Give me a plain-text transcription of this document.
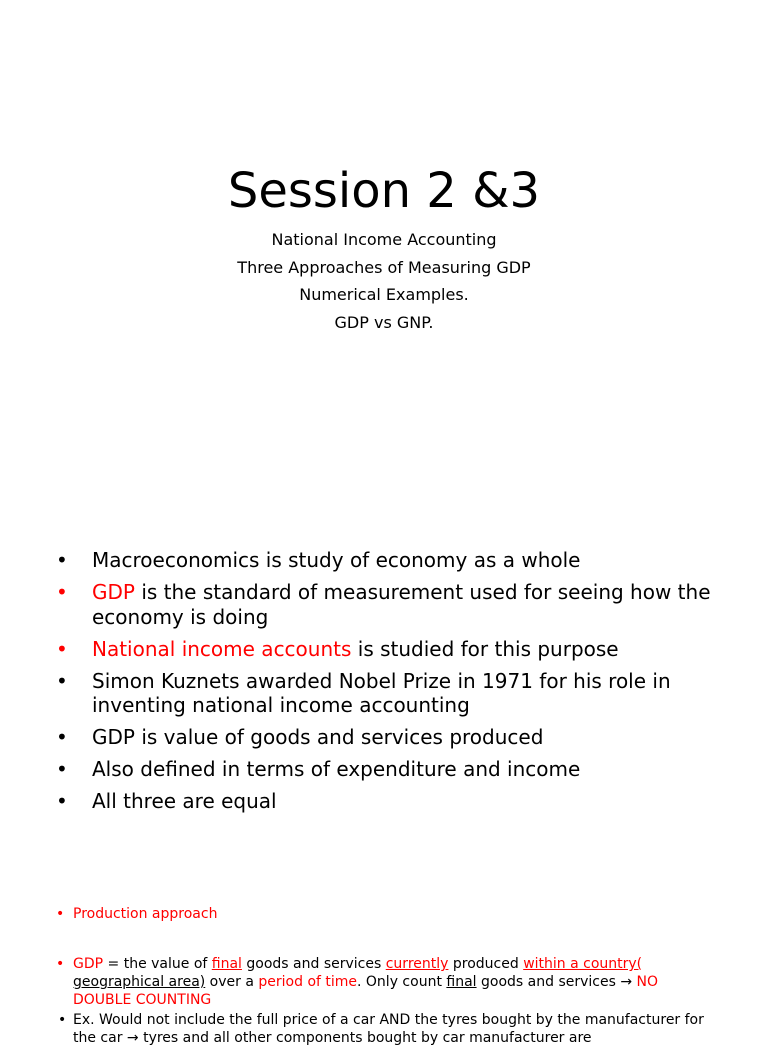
Session 2 &3
National Income Accounting
Three Approaches of Measuring GDP
Numerical Examples.
GDP vs GNP.
•	Macroeconomics is study of economy as a whole
•	GDP is the standard of measurement used for seeing how the economy is doing
•	National income accounts is studied for this purpose
•	Simon Kuznets awarded Nobel Prize in 1971 for his role in inventing national income accounting
•	GDP is value of goods and services produced
•	Also defined in terms of expenditure and income
•	All three are equal
• Production approach
• GDP = the value of final goods and services currently produced within a country( geographical area) over a period of time. Only count final goods and services → NO DOUBLE COUNTING
• Ex. Would not include the full price of a car AND the tyres bought by the manufacturer for the car → tyres and all other components bought by car manufacturer are
